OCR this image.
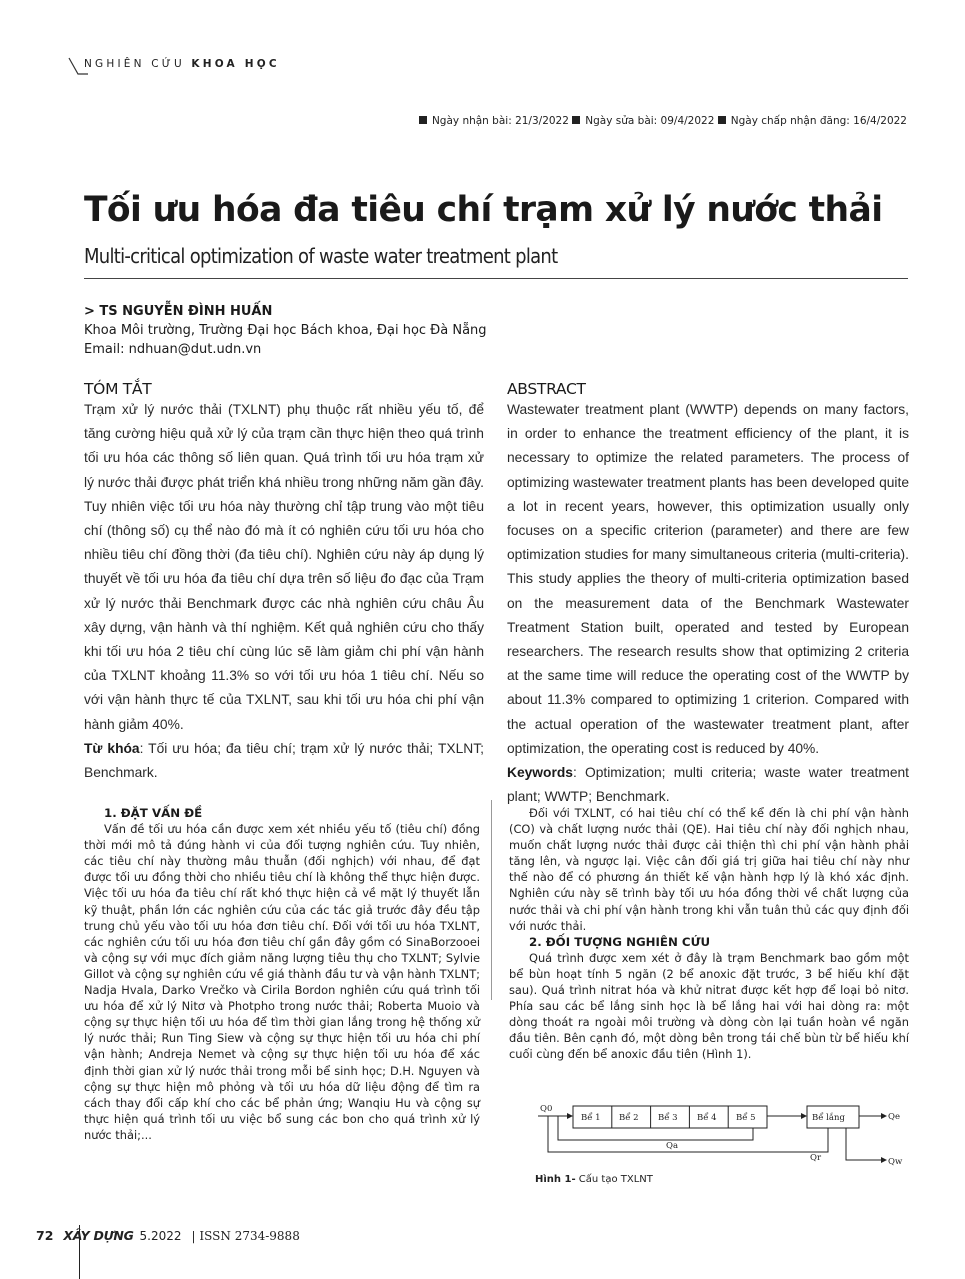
NGHIÊN CỨU KHOA HỌC
Ngày nhận bài: 21/3/2022 Ngày sửa bài: 09/4/2022 Ngày chấp nhận đăng: 16/4/2022
Tối ưu hóa đa tiêu chí trạm xử lý nước thải
Multi-critical optimization of waste water treatment plant
> TS NGUYỄN ĐÌNH HUẤN
Khoa Môi trường, Trường Đại học Bách khoa, Đại học Đà Nẵng
Email: ndhuan@dut.udn.vn
TÓM TẮT
Trạm xử lý nước thải (TXLNT) phụ thuộc rất nhiều yếu tố, để tăng cường hiệu quả xử lý của trạm cần thực hiện theo quá trình tối ưu hóa các thông số liên quan. Quá trình tối ưu hóa trạm xử lý nước thải được phát triển khá nhiều trong những năm gần đây. Tuy nhiên việc tối ưu hóa này thường chỉ tập trung vào một tiêu chí (thông số) cụ thể nào đó mà ít có nghiên cứu tối ưu hóa cho nhiều tiêu chí đồng thời (đa tiêu chí). Nghiên cứu này áp dụng lý thuyết về tối ưu hóa đa tiêu chí dựa trên số liệu đo đạc của Trạm xử lý nước thải Benchmark được các nhà nghiên cứu châu Âu xây dựng, vận hành và thí nghiệm. Kết quả nghiên cứu cho thấy khi tối ưu hóa 2 tiêu chí cùng lúc sẽ làm giảm chi phí vận hành của TXLNT khoảng 11.3% so với tối ưu hóa 1 tiêu chí. Nếu so với vận hành thực tế của TXLNT, sau khi tối ưu hóa chi phí vận hành giảm 40%.
Từ khóa: Tối ưu hóa; đa tiêu chí; trạm xử lý nước thải; TXLNT; Benchmark.
ABSTRACT
Wastewater treatment plant (WWTP) depends on many factors, in order to enhance the treatment efficiency of the plant, it is necessary to optimize the related parameters. The process of optimizing wastewater treatment plants has been developed quite a lot in recent years, however, this optimization usually only focuses on a specific criterion (parameter) and there are few optimization studies for many simultaneous criteria (multi-criteria). This study applies the theory of multi-criteria optimization based on the measurement data of the Benchmark Wastewater Treatment Station built, operated and tested by European researchers. The research results show that optimizing 2 criteria at the same time will reduce the operating cost of the WWTP by about 11.3% compared to optimizing 1 criterion. Compared with the actual operation of the wastewater treatment plant, after optimization, the operating cost is reduced by 40%.
Keywords: Optimization; multi criteria; waste water treatment plant; WWTP; Benchmark.
1. ĐẶT VẤN ĐỀ
Vấn đề tối ưu hóa cần được xem xét nhiều yếu tố (tiêu chí) đồng thời mới mô tả đúng hành vi của đối tượng nghiên cứu. Tuy nhiên, các tiêu chí này thường mâu thuẫn (đối nghịch) với nhau, để đạt được tối ưu đồng thời cho nhiều tiêu chí là không thể thực hiện được. Việc tối ưu hóa đa tiêu chí rất khó thực hiện cả về mặt lý thuyết lẫn kỹ thuật, phần lớn các nghiên cứu của các tác giả trước đây đều tập trung chủ yếu vào tối ưu hóa đơn tiêu chí. Đối với tối ưu hóa TXLNT, các nghiên cứu tối ưu hóa đơn tiêu chí gần đây gồm có SinaBorzooei và cộng sự với mục đích giảm năng lượng tiêu thụ cho TXLNT; Sylvie Gillot và cộng sự nghiên cứu về giá thành đầu tư và vận hành TXLNT; Nadja Hvala, Darko Vrečko và Cirila Bordon nghiên cứu quá trình tối ưu hóa để xử lý Nitơ và Photpho trong nước thải; Roberta Muoio và cộng sự thực hiện tối ưu hóa để tìm thời gian lắng trong hệ thống xử lý nước thải; Run Ting Siew và cộng sự thực hiện tối ưu hóa chi phí vận hành; Andreja Nemet và cộng sự thực hiện tối ưu hóa để xác định thời gian xử lý nước thải trong mỗi bể sinh học; D.H. Nguyen và cộng sự thực hiện mô phỏng và tối ưu hóa dữ liệu động để tìm ra cách thay đổi cấp khí cho các bể phản ứng; Wanqiu Hu và cộng sự thực hiện quá trình tối ưu việc bổ sung các bon cho quá trình xử lý nước thải;...
Đối với TXLNT, có hai tiêu chí có thể kể đến là chi phí vận hành (CO) và chất lượng nước thải (QE). Hai tiêu chí này đối nghịch nhau, muốn chất lượng nước thải được cải thiện thì chi phí vận hành phải tăng lên, và ngược lại. Việc cân đối giá trị giữa hai tiêu chí này như thế nào để có phương án thiết kế vận hành hợp lý là khó xác định. Nghiên cứu này sẽ trình bày tối ưu hóa đồng thời về chất lượng của nước thải và chi phí vận hành trong khi vẫn tuân thủ các quy định đối với nước thải.
2. ĐỐI TƯỢNG NGHIÊN CỨU
Quá trình được xem xét ở đây là trạm Benchmark bao gồm một bể bùn hoạt tính 5 ngăn (2 bể anoxic đặt trước, 3 bể hiếu khí đặt sau). Quá trình nitrat hóa và khử nitrat được kết hợp để loại bỏ nitơ. Phía sau các bể lắng sinh học là bể lắng hai với hai dòng ra: một dòng thoát ra ngoài môi trường và dòng còn lại tuần hoàn về ngăn đầu tiên. Bên cạnh đó, một dòng bên trong tái chế bùn từ bể hiếu khí cuối cùng đến bể anoxic đầu tiên (Hình 1).
Q0
Bể 1 Bể 2 Bể 3 Bể 4 Bể 5	Bể lắng	Qe
Qa
Qr	Qw
Hình 1- Cấu tạo TXLNT
72 XÂY DỰNG 5.2022 | ISSN 2734-9888
